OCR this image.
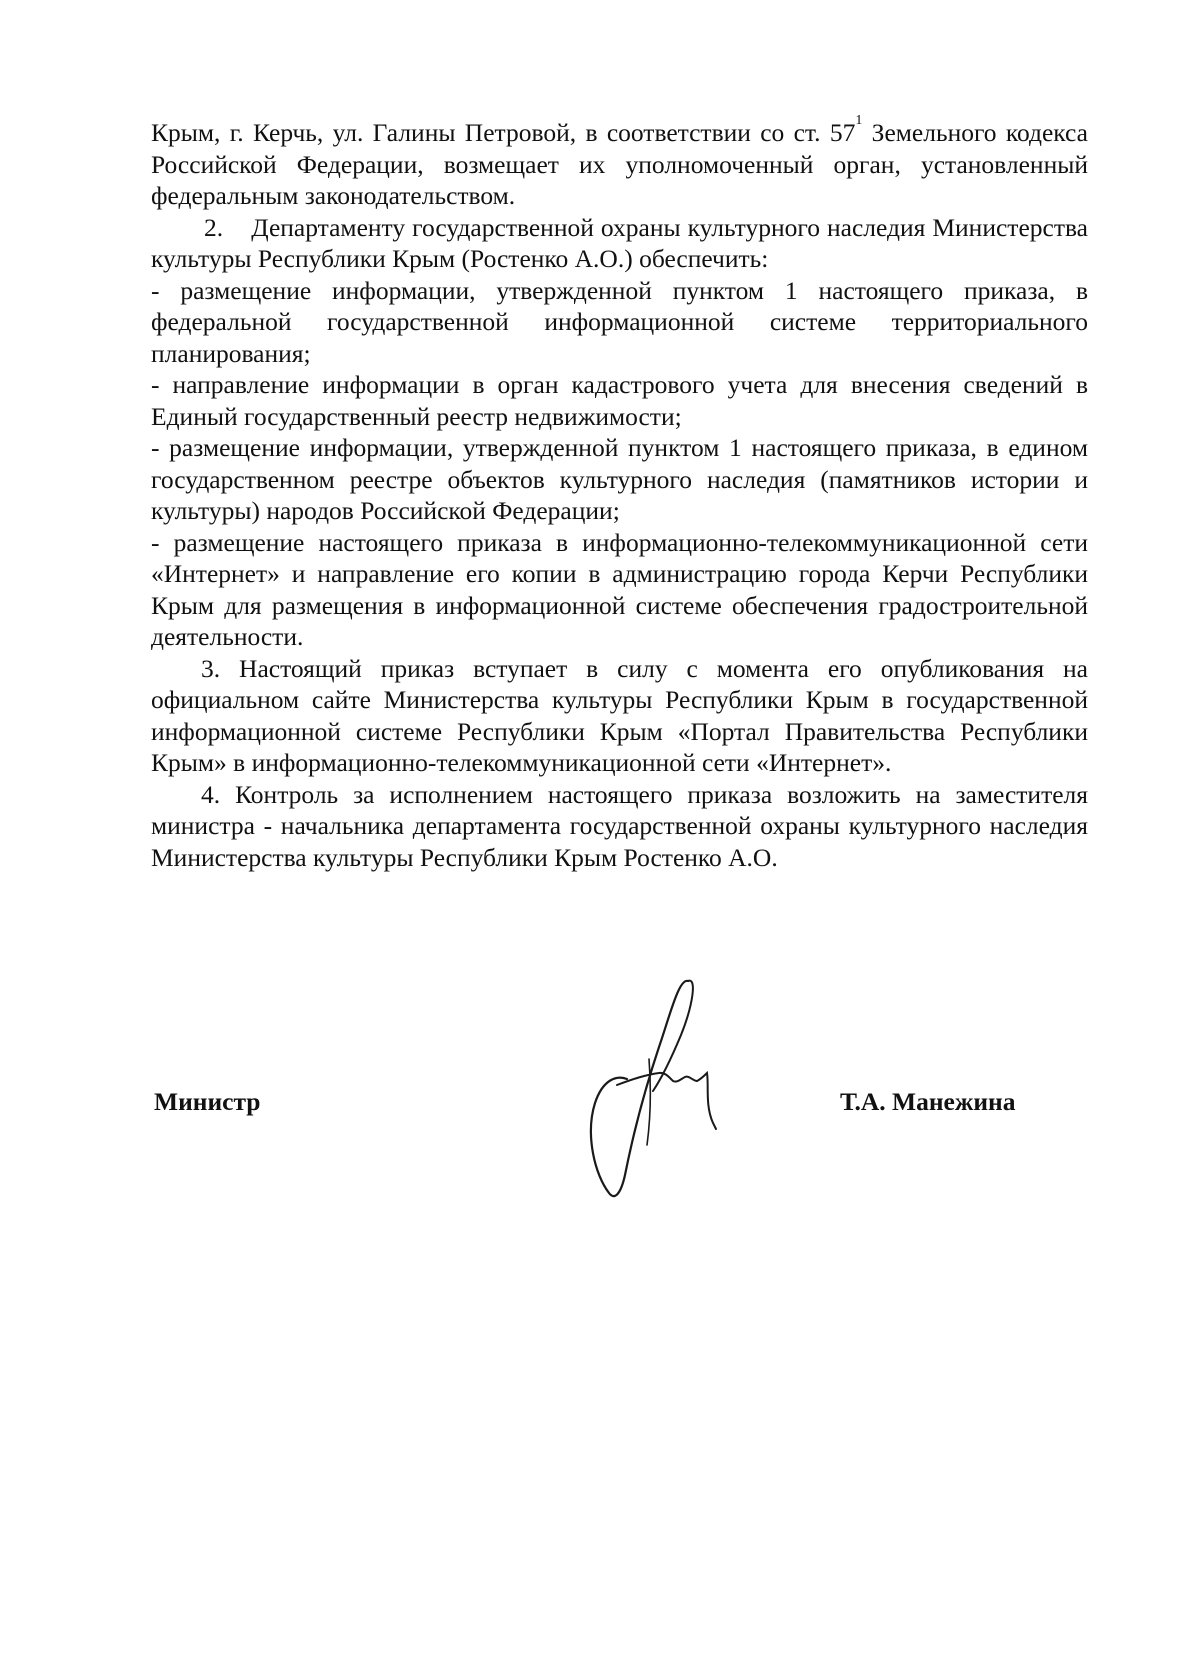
Крым, г. Керчь, ул. Галины Петровой, в соответствии со ст. $57^1$ Земельного кодекса Российской Федерации, возмещает их уполномоченный орган, установленный федеральным законодательством.

2.    Департаменту государственной охраны культурного наследия Министерства культуры Республики Крым (Ростенко А.О.) обеспечить:

- размещение информации, утвержденной пунктом 1 настоящего приказа, в федеральной государственной информационной системе территориального планирования;

- направление информации в орган кадастрового учета для внесения сведений в Единый государственный реестр недвижимости;

- размещение информации, утвержденной пунктом 1 настоящего приказа, в едином государственном реестре объектов культурного наследия (памятников истории и культуры) народов Российской Федерации;

- размещение настоящего приказа в информационно-телекоммуникационной сети «Интернет» и направление его копии в администрацию города Керчи Республики Крым для размещения в информационной системе обеспечения градостроительной деятельности.

3. Настоящий приказ вступает в силу с момента его опубликования на официальном сайте Министерства культуры Республики Крым в государственной информационной системе Республики Крым «Портал Правительства Республики Крым» в информационно-телекоммуникационной сети «Интернет».

4. Контроль за исполнением настоящего приказа возложить на заместителя министра - начальника департамента государственной охраны культурного наследия Министерства культуры Республики Крым Ростенко А.О.

Министр	Т.А. Манежина
